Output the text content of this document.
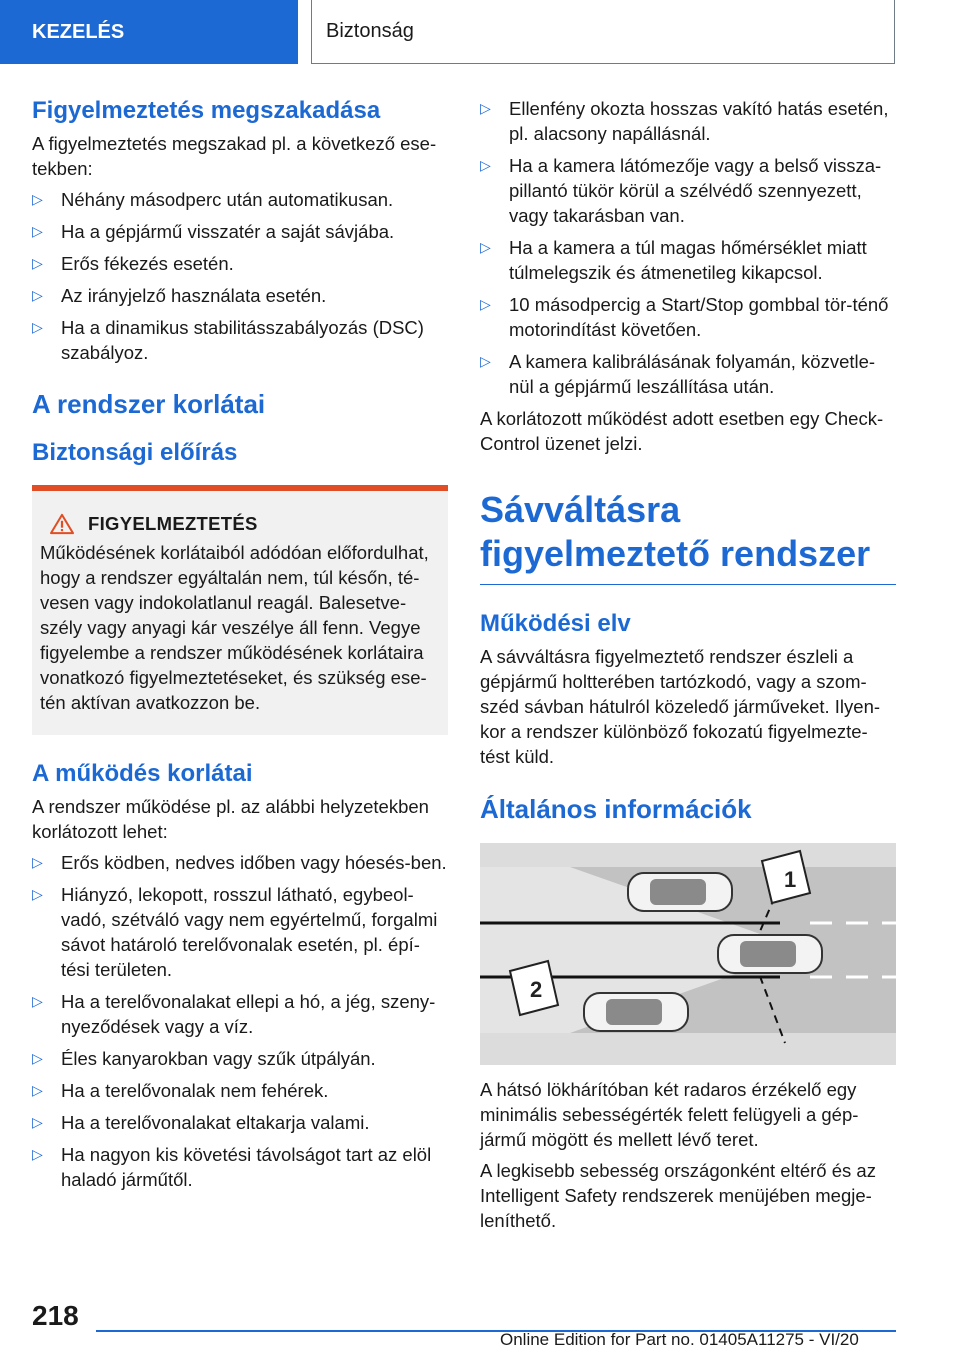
KEZELÉS	Biztonság
Figyelmeztetés megszakadása

A figyelmeztetés megszakad pl. a következő ese-tekben:

▷ Néhány másodperc után automatikusan.
▷ Ha a gépjármű visszatér a saját sávjába.
▷ Erős fékezés esetén.
▷ Az irányjelző használata esetén.
▷ Ha a dinamikus stabilitásszabályozás (DSC) szabályoz.
A rendszer korlátai
Biztonsági előírás
FIGYELMEZTETÉS

Működésének korlátaiból adódóan előfordulhat, hogy a rendszer egyáltalán nem, túl későn, té-vesen vagy indokolatlanul reagál. Balesetve-szély vagy anyagi kár veszélye áll fenn. Vegye figyelembe a rendszer működésének korlátaira vonatkozó figyelmeztetéseket, és szükség ese-tén aktívan avatkozzon be.

A működés korlátai

A rendszer működése pl. az alábbi helyzetekben korlátozott lehet:

▷ Erős ködben, nedves időben vagy hóesés-ben.
▷ Hiányzó, lekopott, rosszul látható, egybeol-vadó, szétváló vagy nem egyértelmű, forgalmi sávot határoló terelővonalak esetén, pl. épí-tési területen.
▷ Ha a terelővonalakat ellepi a hó, a jég, szeny-nyeződések vagy a víz.
▷ Éles kanyarokban vagy szűk útpályán.
▷ Ha a terelővonalak nem fehérek.
▷ Ha a terelővonalakat eltakarja valami.
▷ Ha nagyon kis követési távolságot tart az elöl haladó járműtől.
▷ Ellenfény okozta hosszas vakító hatás esetén, pl. alacsony napállásnál.
▷ Ha a kamera látómezője vagy a belső vissza-pillantó tükör körül a szélvédő szennyezett, vagy takarásban van.
▷ Ha a kamera a túl magas hőmérséklet miatt túlmelegszik és átmenetileg kikapcsol.
▷ 10 másodpercig a Start/Stop gombbal tör-ténő motorindítást követően.
▷ A kamera kalibrálásának folyamán, közvetle-nül a gépjármű leszállítása után.

A korlátozott működést adott esetben egy Check-Control üzenet jelzi.

Sávváltásra figyelmeztető rendszer
Működési elv

A sávváltásra figyelmeztető rendszer észleli a gépjármű holtterében tartózkodó, vagy a szom-széd sávban hátulról közeledő járműveket. Ilyen-kor a rendszer különböző fokozatú figyelmezte-tést küld.

Általános információk
1
2

A hátsó lökhárítóban két radaros érzékelő egy minimális sebességérték felett felügyeli a gép-jármű mögött és mellett lévő teret.

A legkisebb sebesség országonként eltérő és az Intelligent Safety rendszerek menüjében megje-leníthető.

218
Online Edition for Part no. 01405A11275 - VI/20
